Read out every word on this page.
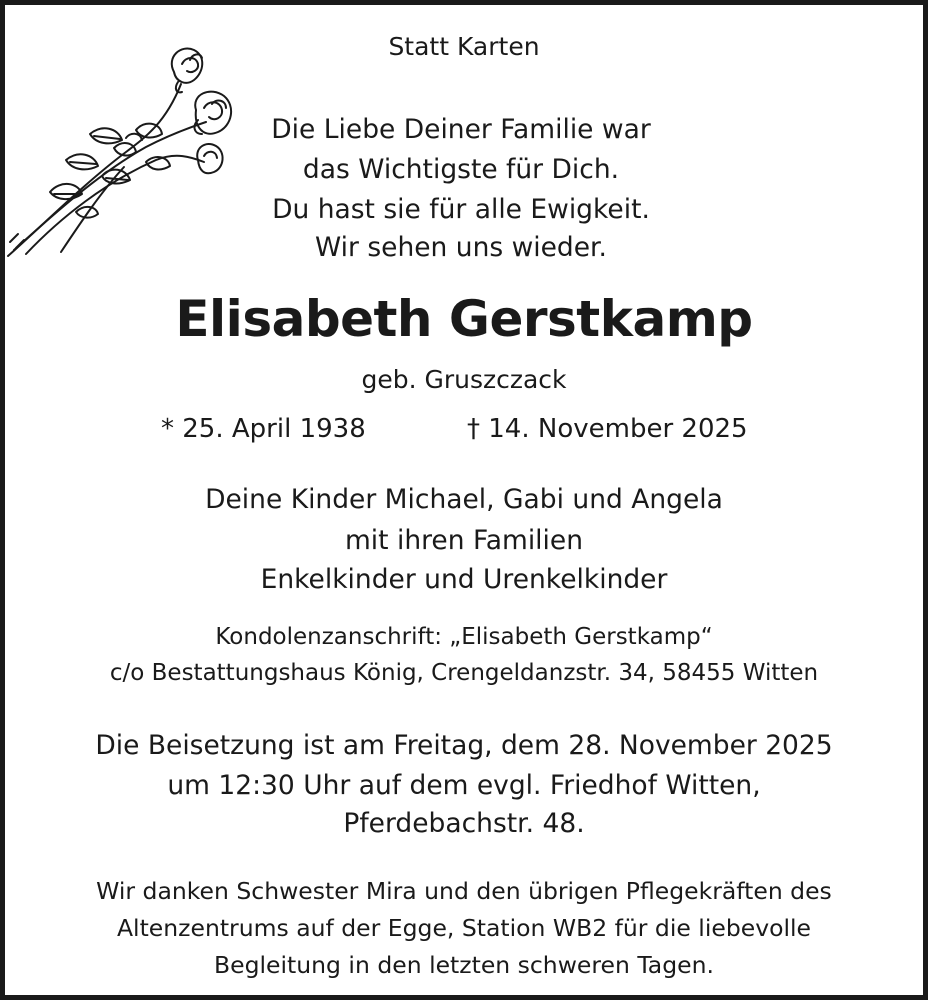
Statt Karten
Die Liebe Deiner Familie war
das Wichtigste für Dich.
Du hast sie für alle Ewigkeit.
Wir sehen uns wieder.
Elisabeth Gerstkamp
geb. Gruszczack
* 25. April 1938	† 14. November 2025
Deine Kinder Michael, Gabi und Angela
mit ihren Familien
Enkelkinder und Urenkelkinder
Kondolenzanschrift: „Elisabeth Gerstkamp“
c/o Bestattungshaus König, Crengeldanzstr. 34, 58455 Witten
Die Beisetzung ist am Freitag, dem 28. November 2025
um 12:30 Uhr auf dem evgl. Friedhof Witten,
Pferdebachstr. 48.
Wir danken Schwester Mira und den übrigen Pflegekräften des
Altenzentrums auf der Egge, Station WB2 für die liebevolle
Begleitung in den letzten schweren Tagen.
